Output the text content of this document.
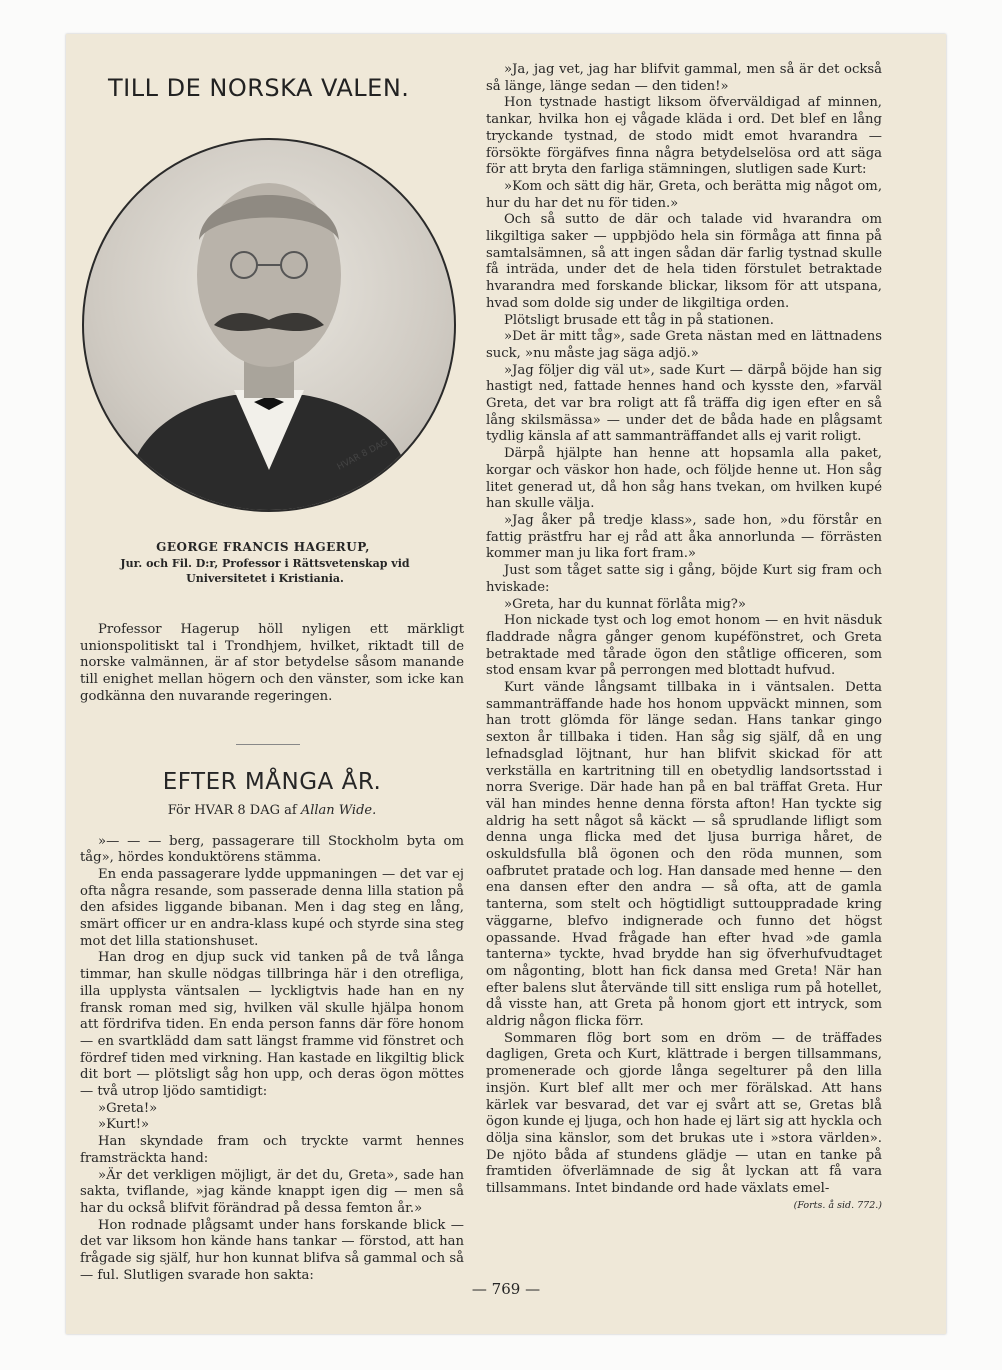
TILL DE NORSKA VALEN.
HVAR 8 DAG
GEORGE FRANCIS HAGERUP,
Jur. och Fil. D:r, Professor i Rättsvetenskap vid Universitetet i Kristiania.

Professor Hagerup höll nyligen ett märkligt unionspolitiskt tal i Trondhjem, hvilket, riktadt till de norske valmännen, är af stor betydelse såsom manande till enighet mellan högern och den vänster, som icke kan godkänna den nuvarande regeringen.

EFTER MÅNGA ÅR.
För HVAR 8 DAG af Allan Wide.

»— — — berg, passagerare till Stockholm byta om tåg», hördes konduktörens stämma.

En enda passagerare lydde uppmaningen — det var ej ofta några resande, som passerade denna lilla station på den afsides liggande bibanan. Men i dag steg en lång, smärt officer ur en andra-klass kupé och styrde sina steg mot det lilla stationshuset.

Han drog en djup suck vid tanken på de två långa timmar, han skulle nödgas tillbringa här i den otrefliga, illa upplysta väntsalen — lyckligtvis hade han en ny fransk roman med sig, hvilken väl skulle hjälpa honom att fördrifva tiden. En enda person fanns där före honom — en svartklädd dam satt längst framme vid fönstret och fördref tiden med virkning. Han kastade en likgiltig blick dit bort — plötsligt såg hon upp, och deras ögon möttes — två utrop ljödo samtidigt:

»Greta!»

»Kurt!»

Han skyndade fram och tryckte varmt hennes framsträckta hand:

»Är det verkligen möjligt, är det du, Greta», sade han sakta, tviflande, »jag kände knappt igen dig — men så har du också blifvit förändrad på dessa femton år.»

Hon rodnade plågsamt under hans forskande blick — det var liksom hon kände hans tankar — förstod, att han frågade sig själf, hur hon kunnat blifva så gammal och så — ful. Slutligen svarade hon sakta:

»Ja, jag vet, jag har blifvit gammal, men så är det också så länge, länge sedan — den tiden!»

Hon tystnade hastigt liksom öfverväldigad af minnen, tankar, hvilka hon ej vågade kläda i ord. Det blef en lång tryckande tystnad, de stodo midt emot hvarandra — försökte förgäfves finna några betydelselösa ord att säga för att bryta den farliga stämningen, slutligen sade Kurt:

»Kom och sätt dig här, Greta, och berätta mig något om, hur du har det nu för tiden.»

Och så sutto de där och talade vid hvarandra om likgiltiga saker — uppbjödo hela sin förmåga att finna på samtalsämnen, så att ingen sådan där farlig tystnad skulle få inträda, under det de hela tiden förstulet betraktade hvarandra med forskande blickar, liksom för att utspana, hvad som dolde sig under de likgiltiga orden.

Plötsligt brusade ett tåg in på stationen.

»Det är mitt tåg», sade Greta nästan med en lättnadens suck, »nu måste jag säga adjö.»

»Jag följer dig väl ut», sade Kurt — därpå böjde han sig hastigt ned, fattade hennes hand och kysste den, »farväl Greta, det var bra roligt att få träffa dig igen efter en så lång skilsmässa» — under det de båda hade en plågsamt tydlig känsla af att sammanträffandet alls ej varit roligt.

Därpå hjälpte han henne att hopsamla alla paket, korgar och väskor hon hade, och följde henne ut. Hon såg litet generad ut, då hon såg hans tvekan, om hvilken kupé han skulle välja.

»Jag åker på tredje klass», sade hon, »du förstår en fattig prästfru har ej råd att åka annorlunda — förrästen kommer man ju lika fort fram.»

Just som tåget satte sig i gång, böjde Kurt sig fram och hviskade:

»Greta, har du kunnat förlåta mig?»

Hon nickade tyst och log emot honom — en hvit näsduk fladdrade några gånger genom kupéfönstret, och Greta betraktade med tårade ögon den ståtlige officeren, som stod ensam kvar på perrongen med blottadt hufvud.

Kurt vände långsamt tillbaka in i väntsalen. Detta sammanträffande hade hos honom uppväckt minnen, som han trott glömda för länge sedan. Hans tankar gingo sexton år tillbaka i tiden. Han såg sig själf, då en ung lefnadsglad löjtnant, hur han blifvit skickad för att verkställa en kartritning till en obetydlig landsortsstad i norra Sverige. Där hade han på en bal träffat Greta. Hur väl han mindes henne denna första afton! Han tyckte sig aldrig ha sett något så käckt — så sprudlande lifligt som denna unga flicka med det ljusa burriga håret, de oskuldsfulla blå ögonen och den röda munnen, som oafbrutet pratade och log. Han dansade med henne — den ena dansen efter den andra — så ofta, att de gamla tanterna, som stelt och högtidligt suttouppradade kring väggarne, blefvo indignerade och funno det högst opassande. Hvad frågade han efter hvad »de gamla tanterna» tyckte, hvad brydde han sig öfverhufvudtaget om någonting, blott han fick dansa med Greta! När han efter balens slut återvände till sitt ensliga rum på hotellet, då visste han, att Greta på honom gjort ett intryck, som aldrig någon flicka förr.

Sommaren flög bort som en dröm — de träffades dagligen, Greta och Kurt, klättrade i bergen tillsammans, promenerade och gjorde långa segelturer på den lilla insjön. Kurt blef allt mer och mer förälskad. Att hans kärlek var besvarad, det var ej svårt att se, Gretas blå ögon kunde ej ljuga, och hon hade ej lärt sig att hyckla och dölja sina känslor, som det brukas ute i »stora världen». De njöto båda af stundens glädje — utan en tanke på framtiden öfverlämnade de sig åt lyckan att få vara tillsammans. Intet bindande ord hade växlats emel-

(Forts. å sid. 772.)
— 769 —
